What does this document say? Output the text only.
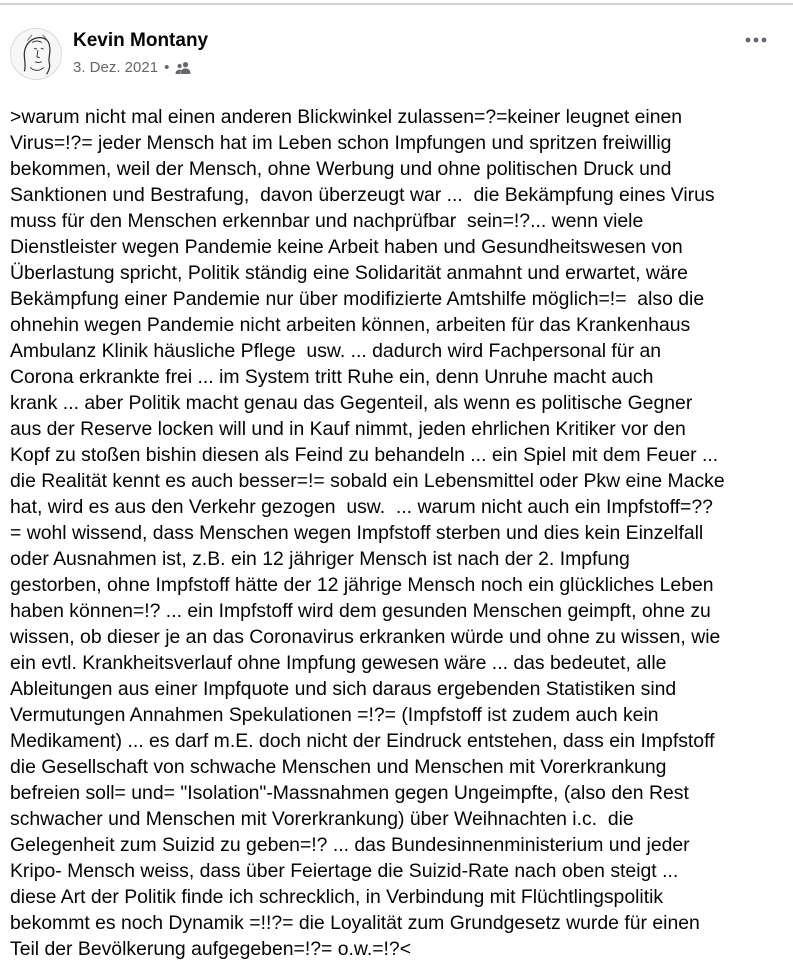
Kevin Montany
3. Dez. 2021 •

>warum nicht mal einen anderen Blickwinkel zulassen=?=keiner leugnet einen
Virus=!?= jeder Mensch hat im Leben schon Impfungen und spritzen freiwillig
bekommen, weil der Mensch, ohne Werbung und ohne politischen Druck und
Sanktionen und Bestrafung,  davon überzeugt war ...  die Bekämpfung eines Virus
muss für den Menschen erkennbar und nachprüfbar  sein=!?... wenn viele
Dienstleister wegen Pandemie keine Arbeit haben und Gesundheitswesen von
Überlastung spricht, Politik ständig eine Solidarität anmahnt und erwartet, wäre
Bekämpfung einer Pandemie nur über modifizierte Amtshilfe möglich=!=  also die
ohnehin wegen Pandemie nicht arbeiten können, arbeiten für das Krankenhaus
Ambulanz Klinik häusliche Pflege  usw. ... dadurch wird Fachpersonal für an
Corona erkrankte frei ... im System tritt Ruhe ein, denn Unruhe macht auch
krank ... aber Politik macht genau das Gegenteil, als wenn es politische Gegner
aus der Reserve locken will und in Kauf nimmt, jeden ehrlichen Kritiker vor den
Kopf zu stoßen bishin diesen als Feind zu behandeln ... ein Spiel mit dem Feuer ...
die Realität kennt es auch besser=!= sobald ein Lebensmittel oder Pkw eine Macke
hat, wird es aus den Verkehr gezogen  usw.  ... warum nicht auch ein Impfstoff=??
= wohl wissend, dass Menschen wegen Impfstoff sterben und dies kein Einzelfall
oder Ausnahmen ist, z.B. ein 12 jähriger Mensch ist nach der 2. Impfung
gestorben, ohne Impfstoff hätte der 12 jährige Mensch noch ein glückliches Leben
haben können=!? ... ein Impfstoff wird dem gesunden Menschen geimpft, ohne zu
wissen, ob dieser je an das Coronavirus erkranken würde und ohne zu wissen, wie
ein evtl. Krankheitsverlauf ohne Impfung gewesen wäre ... das bedeutet, alle
Ableitungen aus einer Impfquote und sich daraus ergebenden Statistiken sind
Vermutungen Annahmen Spekulationen =!?= (Impfstoff ist zudem auch kein
Medikament) ... es darf m.E. doch nicht der Eindruck entstehen, dass ein Impfstoff
die Gesellschaft von schwache Menschen und Menschen mit Vorerkrankung
befreien soll= und= "Isolation"-Massnahmen gegen Ungeimpfte, (also den Rest
schwacher und Menschen mit Vorerkrankung) über Weihnachten i.c.  die
Gelegenheit zum Suizid zu geben=!? ... das Bundesinnenministerium und jeder
Kripo- Mensch weiss, dass über Feiertage die Suizid-Rate nach oben steigt ...
diese Art der Politik finde ich schrecklich, in Verbindung mit Flüchtlingspolitik
bekommt es noch Dynamik =!!?= die Loyalität zum Grundgesetz wurde für einen
Teil der Bevölkerung aufgegeben=!?= o.w.=!?<
